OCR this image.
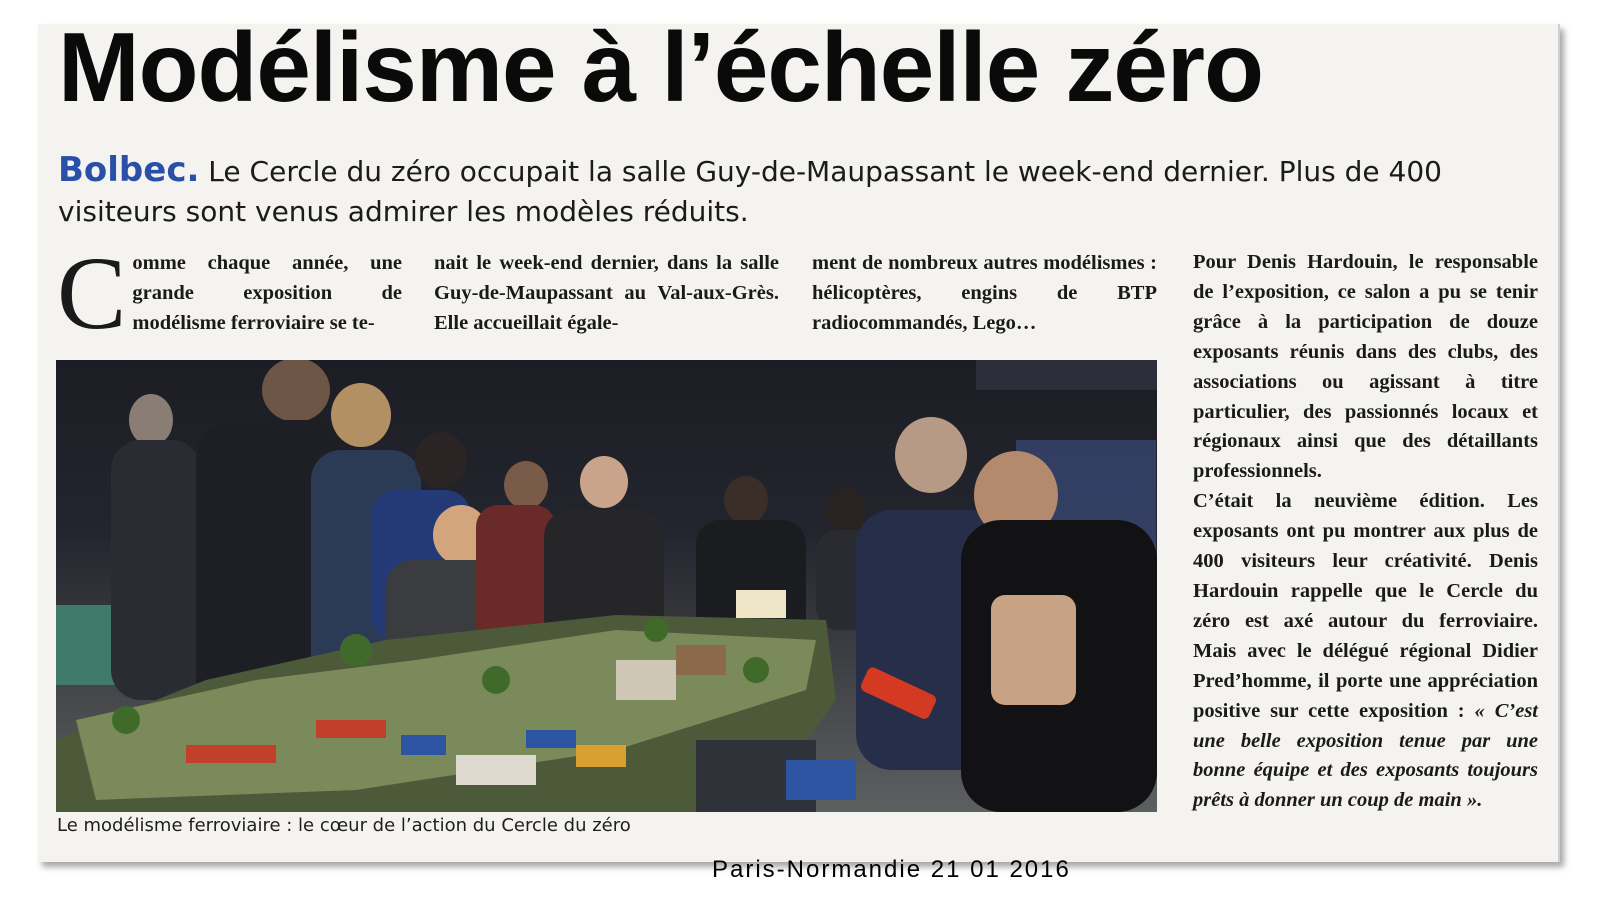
Modélisme à l’échelle zéro
Bolbec. Le Cercle du zéro occupait la salle Guy-de-Maupassant le week-end dernier. Plus de 400 visiteurs sont venus admirer les modèles réduits.
Comme chaque année, une grande exposition de modélisme ferroviaire se te-
nait le week-end dernier, dans la salle Guy-de-Maupassant au Val-aux-Grès. Elle accueillait égale-
ment de nombreux autres modélismes : hélicoptères, engins de BTP radiocommandés, Lego…
Pour Denis Hardouin, le responsable de l’exposition, ce salon a pu se tenir grâce à la participation de douze exposants réunis dans des clubs, des associations ou agissant à titre particulier, des passionnés locaux et régionaux ainsi que des détaillants professionnels.
C’était la neuvième édition. Les exposants ont pu montrer aux plus de 400 visiteurs leur créativité. Denis Hardouin rappelle que le Cercle du zéro est axé autour du ferroviaire. Mais avec le délégué régional Didier Pred’homme, il porte une appréciation positive sur cette exposition : « C’est une belle exposition tenue par une bonne équipe et des exposants toujours prêts à donner un coup de main ».
Le modélisme ferroviaire : le cœur de l’action du Cercle du zéro
Paris-Normandie 21 01 2016
